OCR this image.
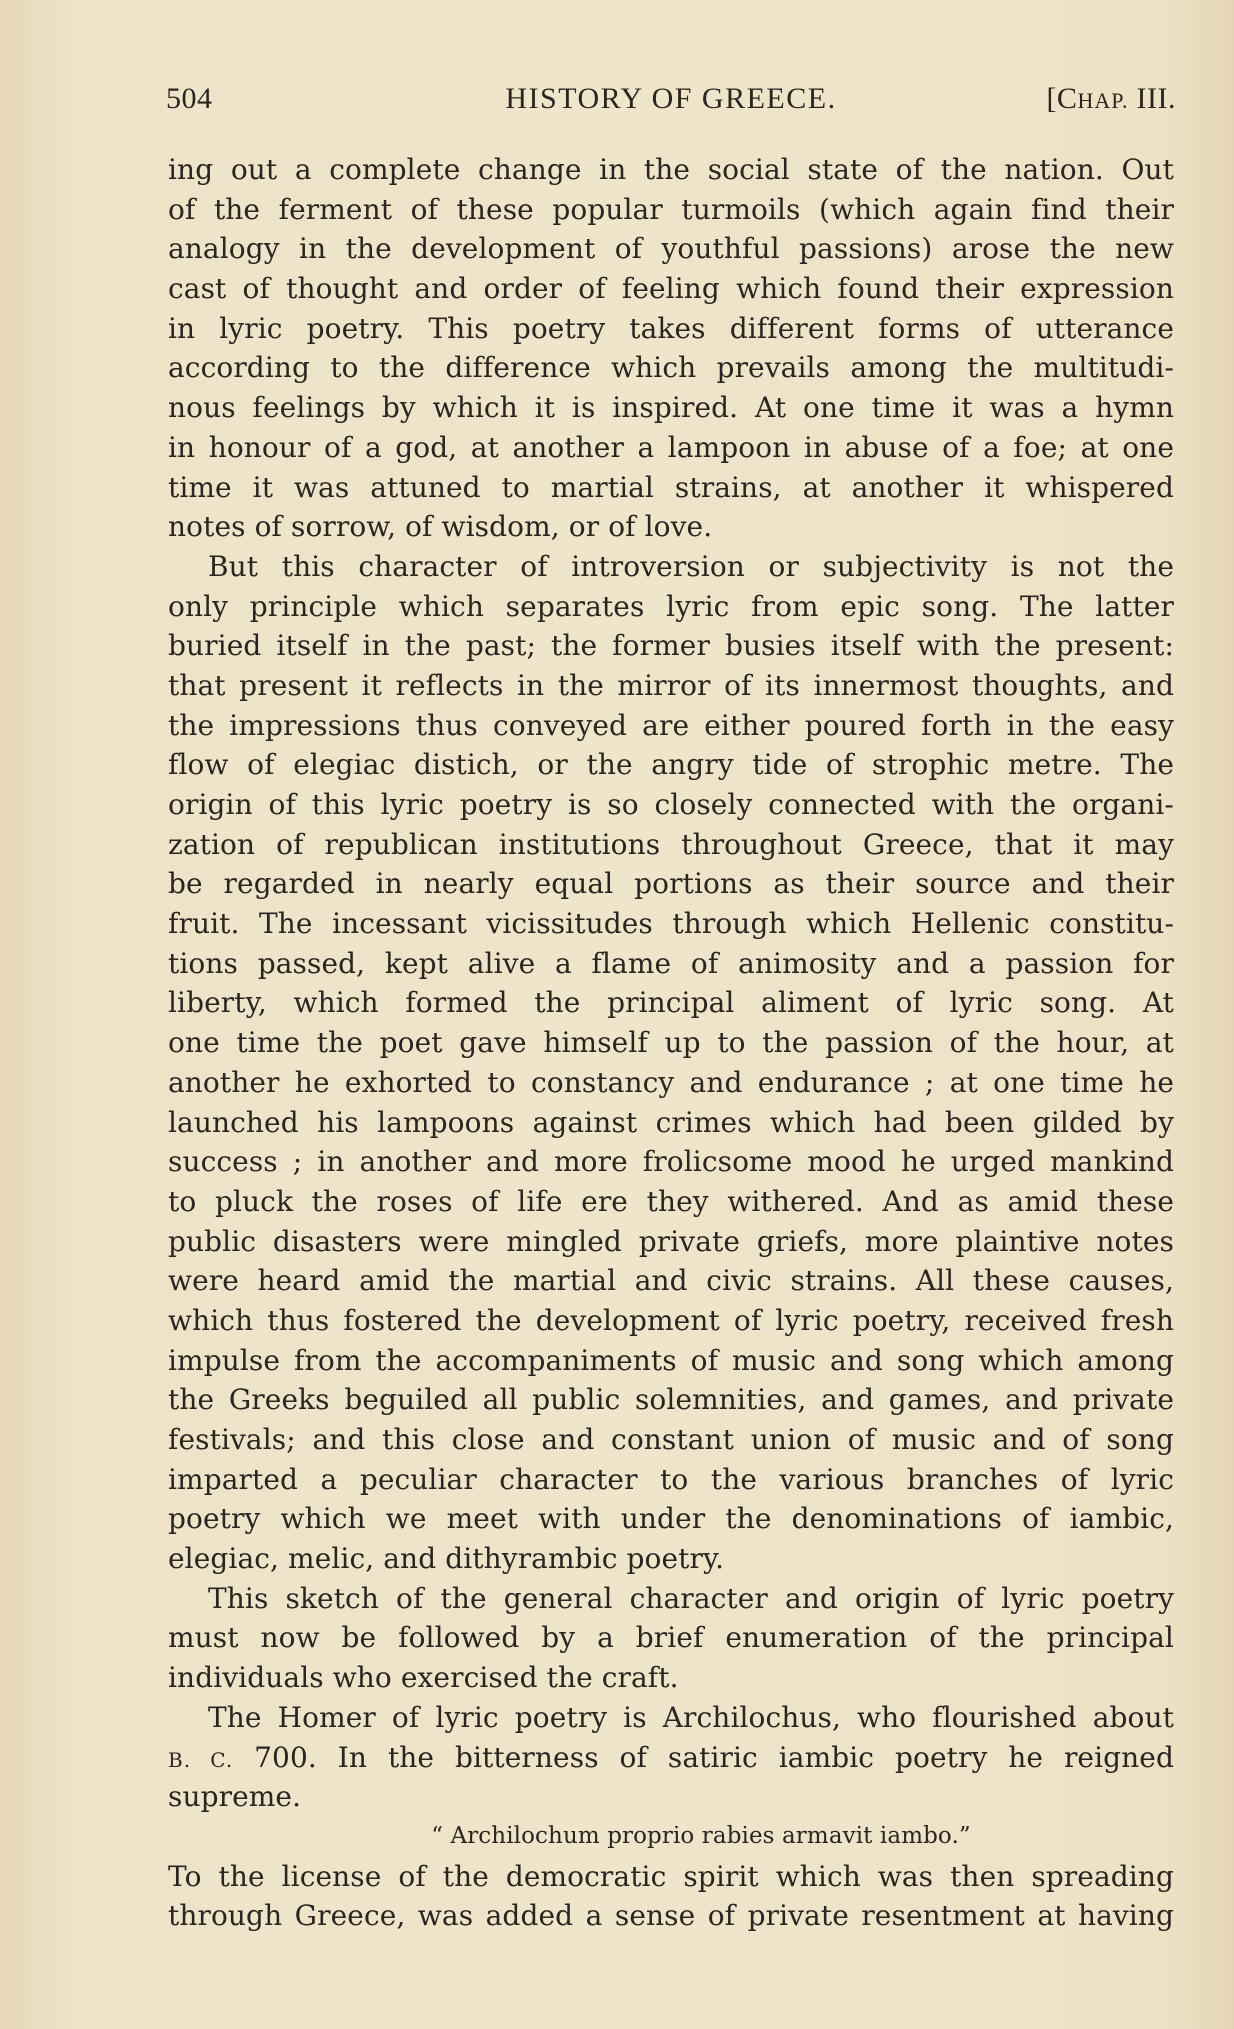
504	HISTORY OF GREECE.	[CHAP. III.
ing out a complete change in the social state of the nation. Out
of the ferment of these popular turmoils (which again find their
analogy in the development of youthful passions) arose the new
cast of thought and order of feeling which found their expression
in lyric poetry. This poetry takes different forms of utterance
according to the difference which prevails among the multitudi-
nous feelings by which it is inspired. At one time it was a hymn
in honour of a god, at another a lampoon in abuse of a foe; at one
time it was attuned to martial strains, at another it whispered
notes of sorrow, of wisdom, or of love.
But this character of introversion or subjectivity is not the
only principle which separates lyric from epic song. The latter
buried itself in the past; the former busies itself with the present:
that present it reflects in the mirror of its innermost thoughts, and
the impressions thus conveyed are either poured forth in the easy
flow of elegiac distich, or the angry tide of strophic metre. The
origin of this lyric poetry is so closely connected with the organi-
zation of republican institutions throughout Greece, that it may
be regarded in nearly equal portions as their source and their
fruit. The incessant vicissitudes through which Hellenic constitu-
tions passed, kept alive a flame of animosity and a passion for
liberty, which formed the principal aliment of lyric song. At
one time the poet gave himself up to the passion of the hour, at
another he exhorted to constancy and endurance ; at one time he
launched his lampoons against crimes which had been gilded by
success ; in another and more frolicsome mood he urged mankind
to pluck the roses of life ere they withered. And as amid these
public disasters were mingled private griefs, more plaintive notes
were heard amid the martial and civic strains. All these causes,
which thus fostered the development of lyric poetry, received fresh
impulse from the accompaniments of music and song which among
the Greeks beguiled all public solemnities, and games, and private
festivals; and this close and constant union of music and of song
imparted a peculiar character to the various branches of lyric
poetry which we meet with under the denominations of iambic,
elegiac, melic, and dithyrambic poetry.
This sketch of the general character and origin of lyric poetry
must now be followed by a brief enumeration of the principal
individuals who exercised the craft.
The Homer of lyric poetry is Archilochus, who flourished about
B. C. 700. In the bitterness of satiric iambic poetry he reigned
supreme.
“ Archilochum proprio rabies armavit iambo.”
To the license of the democratic spirit which was then spreading
through Greece, was added a sense of private resentment at having
